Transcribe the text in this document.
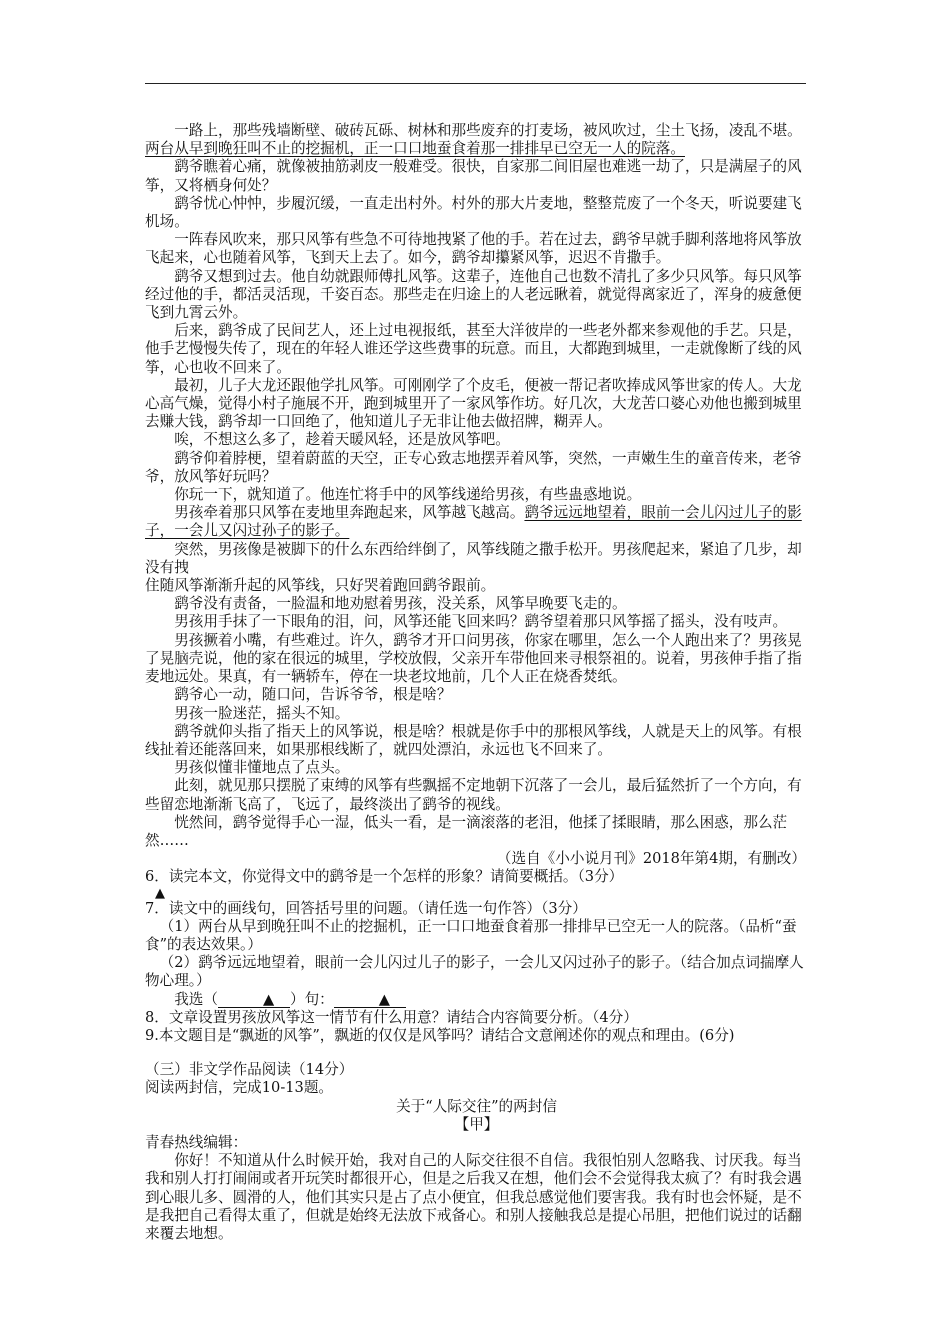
一路上，那些残墙断壁、破砖瓦砾、树林和那些废弃的打麦场，被风吹过，尘土飞扬，凌乱不堪。两台从早到晚狂叫不止的挖掘机，正一口口地蚕食着那一排排早已空无一人的院落。

鹞爷瞧着心痛，就像被抽筋剥皮一般难受。很快，自家那二间旧屋也难逃一劫了，只是满屋子的风筝，又将栖身何处？

鹞爷忧心忡忡，步履沉缓，一直走出村外。村外的那大片麦地，整整荒废了一个冬天，听说要建飞机场。

一阵春风吹来，那只风筝有些急不可待地拽紧了他的手。若在过去，鹞爷早就手脚利落地将风筝放飞起来，心也随着风筝，飞到天上去了。如今，鹞爷却攥紧风筝，迟迟不肯撒手。

鹞爷又想到过去。他自幼就跟师傅扎风筝。这辈子，连他自己也数不清扎了多少只风筝。每只风筝经过他的手，都活灵活现，千姿百态。那些走在归途上的人老远瞅着，就觉得离家近了，浑身的疲惫便飞到九霄云外。

后来，鹞爷成了民间艺人，还上过电视报纸，甚至大洋彼岸的一些老外都来参观他的手艺。只是，他手艺慢慢失传了，现在的年轻人谁还学这些费事的玩意。而且，大都跑到城里，一走就像断了线的风筝，心也收不回来了。

最初，儿子大龙还跟他学扎风筝。可刚刚学了个皮毛，便被一帮记者吹捧成风筝世家的传人。大龙心高气燥，觉得小村子施展不开，跑到城里开了一家风筝作坊。好几次，大龙苦口婆心劝他也搬到城里去赚大钱，鹞爷却一口回绝了，他知道儿子无非让他去做招牌，糊弄人。

唉，不想这么多了，趁着天暖风轻，还是放风筝吧。

鹞爷仰着脖梗，望着蔚蓝的天空，正专心致志地摆弄着风筝，突然，一声嫩生生的童音传来，老爷爷，放风筝好玩吗？

你玩一下，就知道了。他连忙将手中的风筝线递给男孩，有些蛊惑地说。

男孩牵着那只风筝在麦地里奔跑起来，风筝越飞越高。鹞爷远远地望着，眼前一会儿闪过儿子的影子，一会儿又闪过孙子的影子。

突然，男孩像是被脚下的什么东西给绊倒了，风筝线随之撒手松开。男孩爬起来，紧追了几步，却没有拽

住随风筝渐渐升起的风筝线，只好哭着跑回鹞爷跟前。

鹞爷没有责备，一脸温和地劝慰着男孩，没关系，风筝早晚要飞走的。

男孩用手抹了一下眼角的泪，问，风筝还能飞回来吗？鹞爷望着那只风筝摇了摇头，没有吱声。

男孩撅着小嘴，有些难过。许久，鹞爷才开口问男孩，你家在哪里，怎么一个人跑出来了？男孩晃了晃脑壳说，他的家在很远的城里，学校放假，父亲开车带他回来寻根祭祖的。说着，男孩伸手指了指麦地远处。果真，有一辆轿车，停在一块老坟地前，几个人正在烧香焚纸。

鹞爷心一动，随口问，告诉爷爷，根是啥？

男孩一脸迷茫，摇头不知。

鹞爷就仰头指了指天上的风筝说，根是啥？根就是你手中的那根风筝线，人就是天上的风筝。有根线扯着还能落回来，如果那根线断了，就四处漂泊，永远也飞不回来了。

男孩似懂非懂地点了点头。

此刻，就见那只摆脱了束缚的风筝有些飘摇不定地朝下沉落了一会儿，最后猛然折了一个方向，有些留恋地渐渐飞高了，飞远了，最终淡出了鹞爷的视线。

恍然间，鹞爷觉得手心一湿，低头一看，是一滴滚落的老泪，他揉了揉眼睛，那么困惑，那么茫然……

（选自《小小说月刊》2018年第4期，有删改）

6．读完本文，你觉得文中的鹞爷是一个怎样的形象？请简要概括。（3分）

▲

7．读文中的画线句，回答括号里的问题。（请任选一句作答）（3分）

（1）两台从早到晚狂叫不止的挖掘机，正一口口地蚕食着那一排排早已空无一人的院落。（品析“蚕食”的表达效果。）

（2）鹞爷远远地望着，眼前一会儿闪过儿子的影子，一会儿又闪过孙子的影子。（结合加点词揣摩人物心理。）

我选（	▲ ）句：	▲

8．文章设置男孩放风筝这一情节有什么用意？请结合内容简要分析。（4分）

9.本文题目是“飘逝的风筝”，飘逝的仅仅是风筝吗？请结合文意阐述你的观点和理由。(6分)

（三）非文学作品阅读（14分）

阅读两封信，完成10-13题。

关于“人际交往”的两封信

【甲】

青春热线编辑：

你好！不知道从什么时候开始，我对自己的人际交往很不自信。我很怕别人忽略我、讨厌我。每当我和别人打打闹闹或者开玩笑时都很开心，但是之后我又在想，他们会不会觉得我太疯了？有时我会遇到心眼儿多、圆滑的人，他们其实只是占了点小便宜，但我总感觉他们要害我。我有时也会怀疑，是不是我把自己看得太重了，但就是始终无法放下戒备心。和别人接触我总是提心吊胆，把他们说过的话翻来覆去地想。
